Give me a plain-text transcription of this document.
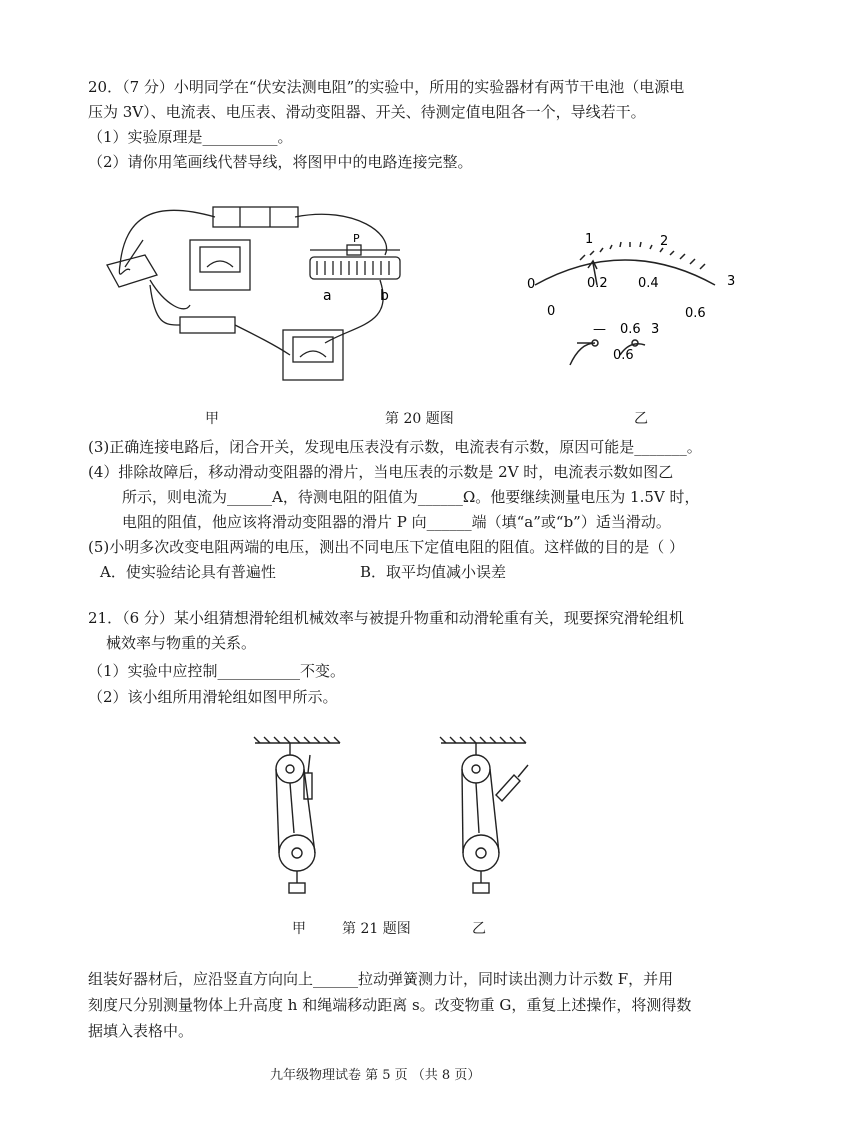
20．（7 分）小明同学在“伏安法测电阻”的实验中，所用的实验器材有两节干电池（电源电
压为 3V）、电流表、电压表、滑动变阻器、开关、待测定值电阻各一个，导线若干。
（1）实验原理是__________。
（2）请你用笔画线代替导线，将图甲中的电路连接完整。
P
a	b
0
1	2
3
0
0.2 0.4
0.6
— 0.6 3
0.6
甲	第 20 题图	乙
(3)正确连接电路后，闭合开关，发现电压表没有示数，电流表有示数，原因可能是_______。
(4）排除故障后，移动滑动变阻器的滑片，当电压表的示数是 2V 时，电流表示数如图乙
所示，则电流为______A，待测电阻的阻值为______Ω。他要继续测量电压为 1.5V 时，
电阻的阻值，他应该将滑动变阻器的滑片 P 向______端（填“a”或“b”）适当滑动。
(5)小明多次改变电阻两端的电压，测出不同电压下定值电阻的阻值。这样做的目的是（ ）
A．使实验结论具有普遍性	B．取平均值减小误差
21．（6 分）某小组猜想滑轮组机械效率与被提升物重和动滑轮重有关，现要探究滑轮组机
械效率与物重的关系。
（1）实验中应控制___________不变。
（2）该小组所用滑轮组如图甲所示。
甲	第 21 题图	乙
组装好器材后，应沿竖直方向向上______拉动弹簧测力计，同时读出测力计示数 F，并用
刻度尺分别测量物体上升高度 h 和绳端移动距离 s。改变物重 G，重复上述操作，将测得数
据填入表格中。
九年级物理试卷 第 5 页 （共 8 页）
